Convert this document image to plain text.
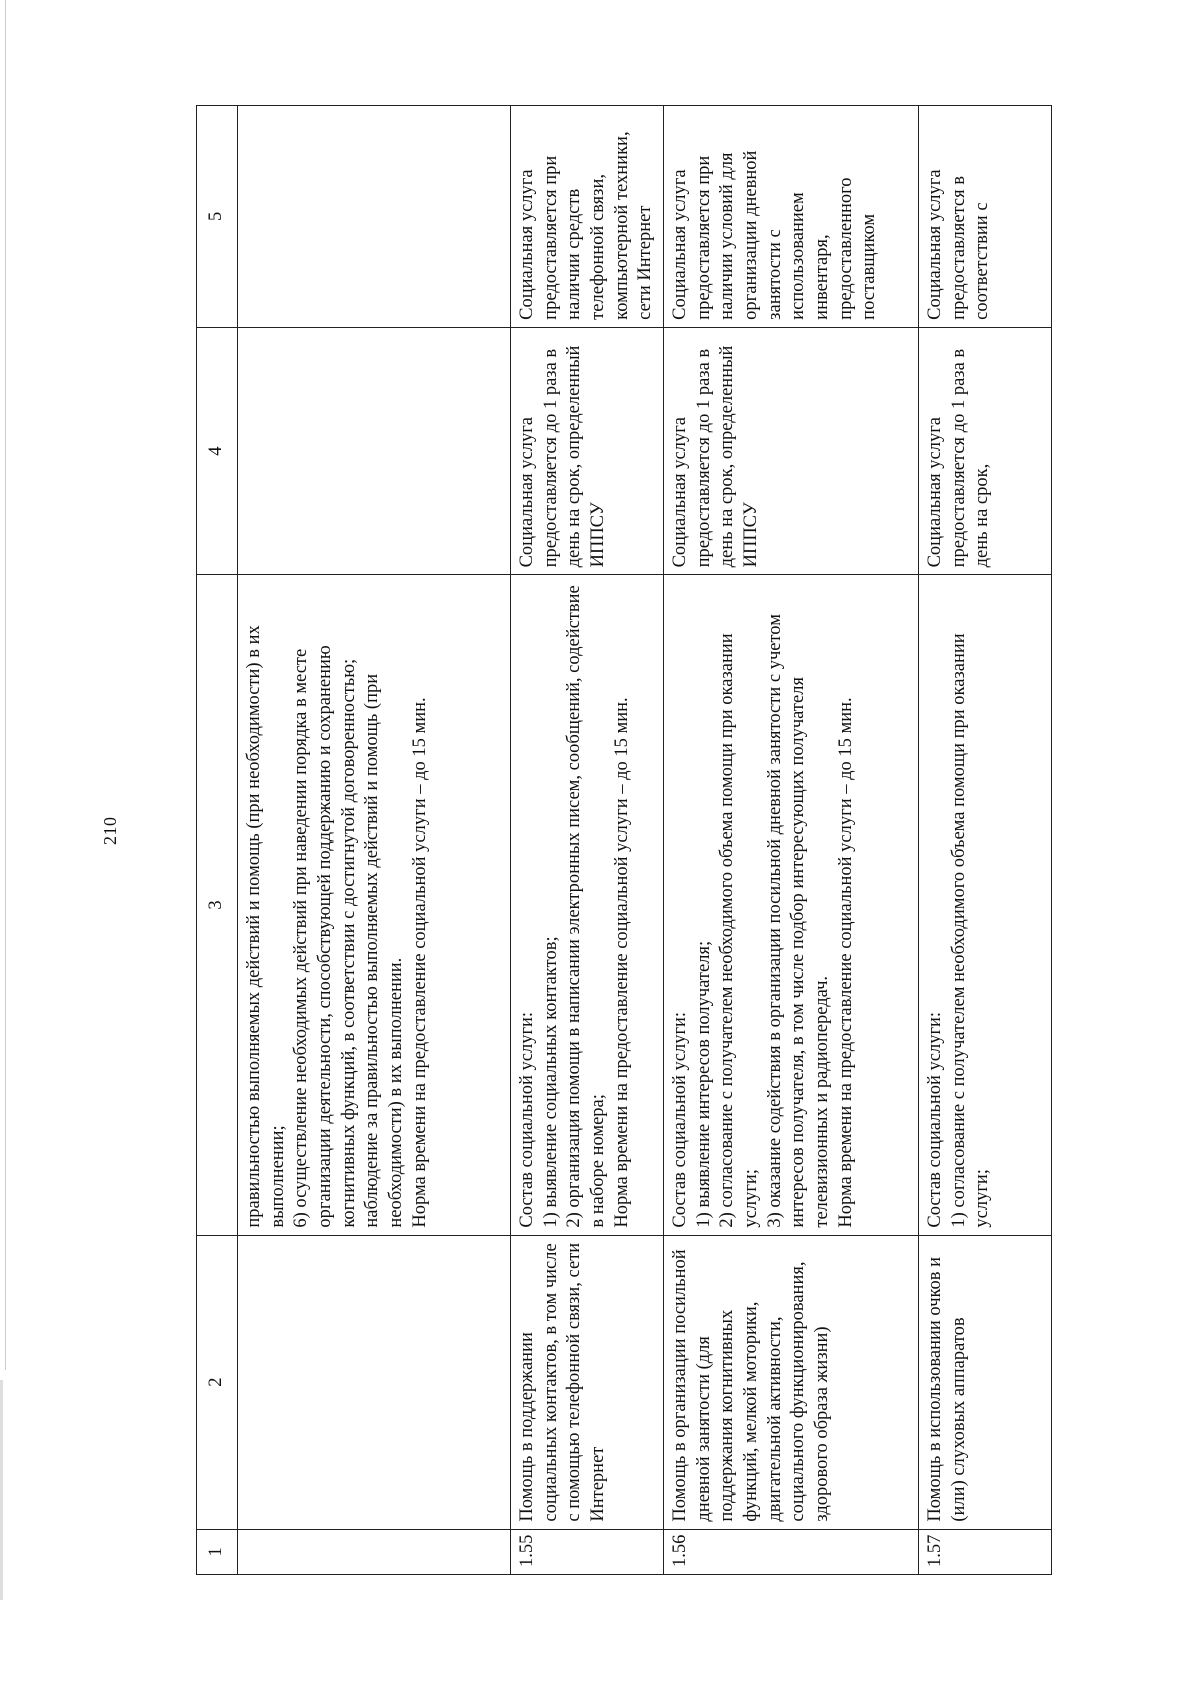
210
1	2	3	4	5

		правильностью выполняемых действий и помощь (при необходимости) в их выполнении; 6) осуществление необходимых действий при наведении порядка в месте организации деятельности, способствующей поддержанию и сохранению когнитивных функций, в соответствии с достигнутой договоренностью; наблюдение за правильностью выполняемых действий и помощь (при необходимости) в их выполнении. Норма времени на предоставление социальной услуги – до 15 мин.		

1.55	Помощь в поддержании социальных контактов, в том числе с помощью телефонной связи, сети Интернет	Состав социальной услуги: 1) выявление социальных контактов; 2) организация помощи в написании электронных писем, сообщений, содействие в наборе номера; Норма времени на предоставление социальной услуги – до 15 мин.	Социальная услуга предоставляется до 1 раза в день на срок, определенный ИППСУ	Социальная услуга предоставляется при наличии средств телефонной связи, компьютерной техники, сети Интернет
1.56	Помощь в организации посильной дневной занятости (для поддержания когнитивных функций, мелкой моторики, двигательной активности, социального функционирования, здорового образа жизни)	Состав социальной услуги: 1) выявление интересов получателя; 2) согласование с получателем необходимого объема помощи при оказании услуги; 3) оказание содействия в организации посильной дневной занятости с учетом интересов получателя, в том числе подбор интересующих получателя телевизионных и радиопередач. Норма времени на предоставление социальной услуги – до 15 мин.	Социальная услуга предоставляется до 1 раза в день на срок, определенный ИППСУ	Социальная услуга предоставляется при наличии условий для организации дневной занятости с использованием инвентаря, предоставленного поставщиком
1.57	Помощь в использовании очков и (или) слуховых аппаратов	Состав социальной услуги: 1) согласование с получателем необходимого объема помощи при оказании услуги;	Социальная услуга предоставляется до 1 раза в день на срок,	Социальная услуга предоставляется в соответствии с
